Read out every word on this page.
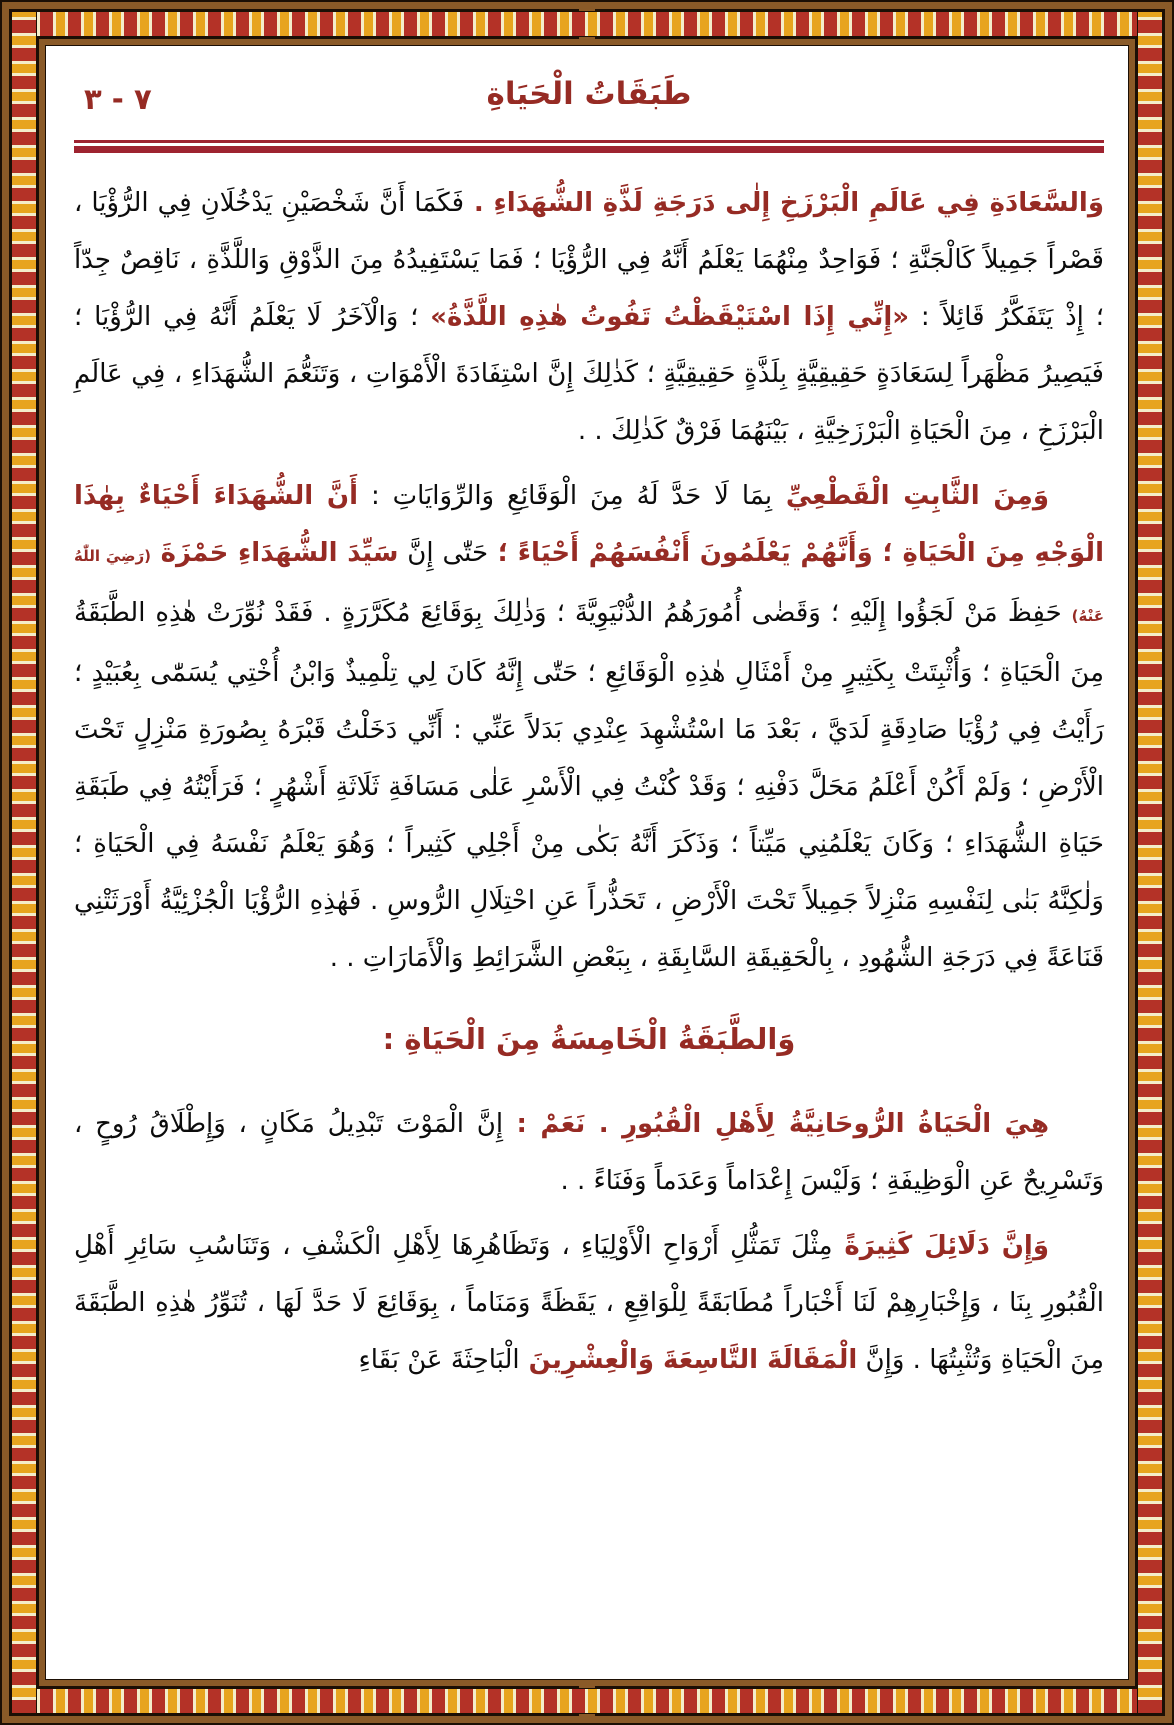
٧ - ٣	طَبَقَاتُ الْحَيَاةِ

وَالسَّعَادَةِ فِي عَالَمِ الْبَرْزَخِ إِلٰى دَرَجَةِ لَذَّةِ الشُّهَدَاءِ . فَكَمَا أَنَّ شَخْصَيْنِ يَدْخُلَانِ فِي الرُّؤْيَا ، قَصْراً جَمِيلاً كَالْجَنَّةِ ؛ فَوَاحِدٌ مِنْهُمَا يَعْلَمُ أَنَّهُ فِي الرُّؤْيَا ؛ فَمَا يَسْتَفِيدُهُ مِنَ الذَّوْقِ وَاللَّذَّةِ ، نَاقِصٌ جِدّاً ؛ إِذْ يَتَفَكَّرُ قَائِلاً : «إِنِّي إِذَا اسْتَيْقَظْتُ تَفُوتُ هٰذِهِ اللَّذَّةُ» ؛ وَالْآخَرُ لَا يَعْلَمُ أَنَّهُ فِي الرُّؤْيَا ؛ فَيَصِيرُ مَظْهَراً لِسَعَادَةٍ حَقِيقِيَّةٍ بِلَذَّةٍ حَقِيقِيَّةٍ ؛ كَذٰلِكَ إِنَّ اسْتِفَادَةَ الْأَمْوَاتِ ، وَتَنَعُّمَ الشُّهَدَاءِ ، فِي عَالَمِ الْبَرْزَخِ ، مِنَ الْحَيَاةِ الْبَرْزَخِيَّةِ ، بَيْنَهُمَا فَرْقٌ كَذٰلِكَ . .

وَمِنَ الثَّابِتِ الْقَطْعِيِّ بِمَا لَا حَدَّ لَهُ مِنَ الْوَقَائِعِ وَالرِّوَايَاتِ : أَنَّ الشُّهَدَاءَ أَحْيَاءٌ بِهٰذَا الْوَجْهِ مِنَ الْحَيَاةِ ؛ وَأَنَّهُمْ يَعْلَمُونَ أَنْفُسَهُمْ أَحْيَاءً ؛ حَتّٰى إِنَّ سَيِّدَ الشُّهَدَاءِ حَمْزَةَ (رَضِيَ اللّٰهُ عَنْهُ) حَفِظَ مَنْ لَجَؤُوا إِلَيْهِ ؛ وَقَضٰى أُمُورَهُمُ الدُّنْيَوِيَّةَ ؛ وَذٰلِكَ بِوَقَائِعَ مُكَرَّرَةٍ . فَقَدْ نُوِّرَتْ هٰذِهِ الطَّبَقَةُ مِنَ الْحَيَاةِ ؛ وَأُثْبِتَتْ بِكَثِيرٍ مِنْ أَمْثَالِ هٰذِهِ الْوَقَائِعِ ؛ حَتّٰى إِنَّهُ كَانَ لِي تِلْمِيذٌ وَابْنُ أُخْتِي يُسَمّٰى بِعُبَيْدٍ ؛ رَأَيْتُ فِي رُؤْيَا صَادِقَةٍ لَدَيَّ ، بَعْدَ مَا اسْتُشْهِدَ عِنْدِي بَدَلاً عَنِّي : أَنِّي دَخَلْتُ قَبْرَهُ بِصُورَةِ مَنْزِلٍ تَحْتَ الْأَرْضِ ؛ وَلَمْ أَكُنْ أَعْلَمُ مَحَلَّ دَفْنِهِ ؛ وَقَدْ كُنْتُ فِي الْأَسْرِ عَلٰى مَسَافَةِ ثَلَاثَةِ أَشْهُرٍ ؛ فَرَأَيْتُهُ فِي طَبَقَةِ حَيَاةِ الشُّهَدَاءِ ؛ وَكَانَ يَعْلَمُنِي مَيِّتاً ؛ وَذَكَرَ أَنَّهُ بَكٰى مِنْ أَجْلِي كَثِيراً ؛ وَهُوَ يَعْلَمُ نَفْسَهُ فِي الْحَيَاةِ ؛ وَلٰكِنَّهُ بَنٰى لِنَفْسِهِ مَنْزِلاً جَمِيلاً تَحْتَ الْأَرْضِ ، تَحَذُّراً عَنِ احْتِلَالِ الرُّوسِ . فَهٰذِهِ الرُّؤْيَا الْجُزْئِيَّةُ أَوْرَثَتْنِي قَنَاعَةً فِي دَرَجَةِ الشُّهُودِ ، بِالْحَقِيقَةِ السَّابِقَةِ ، بِبَعْضِ الشَّرَائِطِ وَالْأَمَارَاتِ . .

وَالطَّبَقَةُ الْخَامِسَةُ مِنَ الْحَيَاةِ :

هِيَ الْحَيَاةُ الرُّوحَانِيَّةُ لِأَهْلِ الْقُبُورِ . نَعَمْ : إِنَّ الْمَوْتَ تَبْدِيلُ مَكَانٍ ، وَإِطْلَاقُ رُوحٍ ، وَتَسْرِيحٌ عَنِ الْوَظِيفَةِ ؛ وَلَيْسَ إِعْدَاماً وَعَدَماً وَفَنَاءً . .

وَإِنَّ دَلَائِلَ كَثِيرَةً مِثْلَ تَمَثُّلِ أَرْوَاحِ الْأَوْلِيَاءِ ، وَتَظَاهُرِهَا لِأَهْلِ الْكَشْفِ ، وَتَنَاسُبِ سَائِرِ أَهْلِ الْقُبُورِ بِنَا ، وَإِخْبَارِهِمْ لَنَا أَخْبَاراً مُطَابَقَةً لِلْوَاقِعِ ، يَقَظَةً وَمَنَاماً ، بِوَقَائِعَ لَا حَدَّ لَهَا ، تُنَوِّرُ هٰذِهِ الطَّبَقَةَ مِنَ الْحَيَاةِ وَتُثْبِتُهَا . وَإِنَّ الْمَقَالَةَ التَّاسِعَةَ وَالْعِشْرِينَ الْبَاحِثَةَ عَنْ بَقَاءِ
